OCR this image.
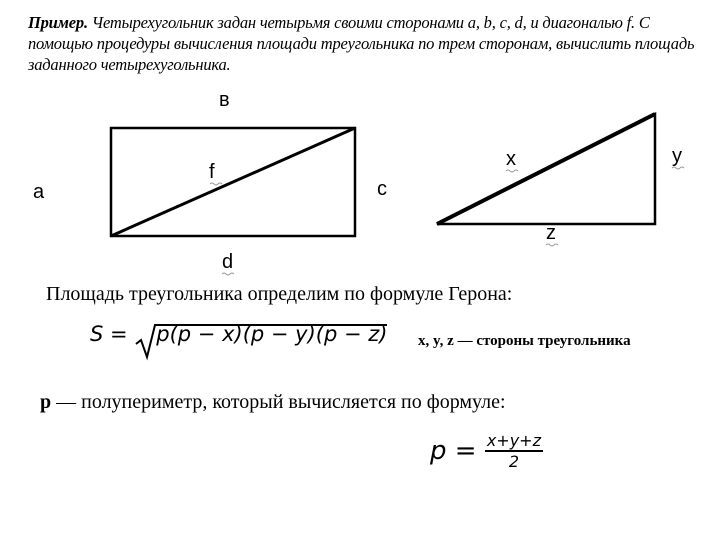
Пример. Четырехугольник задан четырьмя своими сторонами a, b, c, d, и диагональю f. С помощью процедуры вычисления площади треугольника по трем сторонам, вычислить площадь заданного четырехугольника.
в
a
f
c
d
x	y
z
Площадь треугольника определим по формуле Герона:
S = p(p − x)(p − y)(p − z) x, y, z — стороны треугольника
p — полупериметр, который вычисляется по формуле:
$p = \frac{x+y+z}{2}$
